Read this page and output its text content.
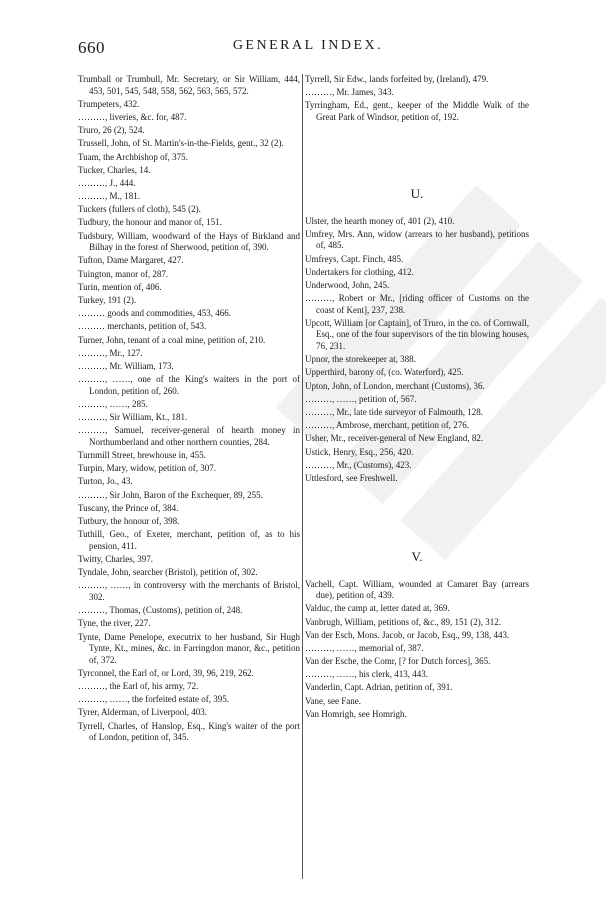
660	GENERAL INDEX.

Trumball or Trumbull, Mr. Secretary, or Sir William, 444, 453, 501, 545, 548, 558, 562, 563, 565, 572.

Trumpeters, 432.

………, liveries, &c. for, 487.

Truro, 26 (2), 524.

Trussell, John, of St. Martin's-in-the-Fields, gent., 32 (2).

Tuam, the Archbishop of, 375.

Tucker, Charles, 14.

………, J., 444.

………, M., 181.

Tuckers (fullers of cloth), 545 (2).

Tudbury, the honour and manor of, 151.

Tudsbury, William, woodward of the Hays of Birkland and Bilhay in the forest of Sherwood, petition of, 390.

Tufton, Dame Margaret, 427.

Tuington, manor of, 287.

Turin, mention of, 406.

Turkey, 191 (2).

……… goods and commodities, 453, 466.

……… merchants, petition of, 543.

Turner, John, tenant of a coal mine, petition of, 210.

………, Mr., 127.

………, Mr. William, 173.

………, ……, one of the King's waiters in the port of London, petition of, 260.

………, ……, 285.

………, Sir William, Kt., 181.

………, Samuel, receiver-general of hearth money in Northumberland and other northern counties, 284.

Turnmill Street, brewhouse in, 455.

Turpin, Mary, widow, petition of, 307.

Turton, Jo., 43.

………, Sir John, Baron of the Exchequer, 89, 255.

Tuscany, the Prince of, 384.

Tutbury, the honour of, 398.

Tuthill, Geo., of Exeter, merchant, petition of, as to his pension, 411.

Twitty, Charles, 397.

Tyndale, John, searcher (Bristol), petition of, 302.

………, ……, in controversy with the merchants of Bristol, 302.

………, Thomas, (Customs), petition of, 248.

Tyne, the river, 227.

Tynte, Dame Penelope, executrix to her husband, Sir Hugh Tynte, Kt., mines, &c. in Farringdon manor, &c., petition of, 372.

Tyrconnel, the Earl of, or Lord, 39, 96, 219, 262.

………, the Earl of, his army, 72.

………, ……, the forfeited estate of, 395.

Tyrer, Alderman, of Liverpool, 403.

Tyrrell, Charles, of Hanslop, Esq., King's waiter of the port of London, petition of, 345.

Tyrrell, Sir Edw., lands forfeited by, (Ireland), 479.

………, Mr. James, 343.

Tyrringham, Ed., gent., keeper of the Middle Walk of the Great Park of Windsor, petition of, 192.

U.

Ulster, the hearth money of, 401 (2), 410.

Umfrey, Mrs. Ann, widow (arrears to her husband), petitions of, 485.

Umfreys, Capt. Finch, 485.

Undertakers for clothing, 412.

Underwood, John, 245.

………, Robert or Mr., [riding officer of Customs on the coast of Kent], 237, 238.

Upcott, William [or Captain], of Truro, in the co. of Cornwall, Esq., one of the four supervisors of the tin blowing houses, 76, 231.

Upnor, the storekeeper at, 388.

Upperthird, barony of, (co. Waterford), 425.

Upton, John, of London, merchant (Customs), 36.

………, ……, petition of, 567.

………, Mr., late tide surveyor of Falmouth, 128.

………, Ambrose, merchant, petition of, 276.

Usher, Mr., receiver-general of New England, 82.

Ustick, Henry, Esq., 256, 420.

………, Mr., (Customs), 423.

Uttlesford, see Freshwell.

V.

Vachell, Capt. William, wounded at Camaret Bay (arrears due), petition of, 439.

Valduc, the camp at, letter dated at, 369.

Vanbrugh, William, petitions of, &c., 89, 151 (2), 312.

Van der Esch, Mons. Jacob, or Jacob, Esq., 99, 138, 443.

………, ……, memorial of, 387.

Van der Esche, the Comr, [? for Dutch forces], 365.

………, ……, his clerk, 413, 443.

Vanderlin, Capt. Adrian, petition of, 391.

Vane, see Fane.

Van Homrigh, see Homrigh.
